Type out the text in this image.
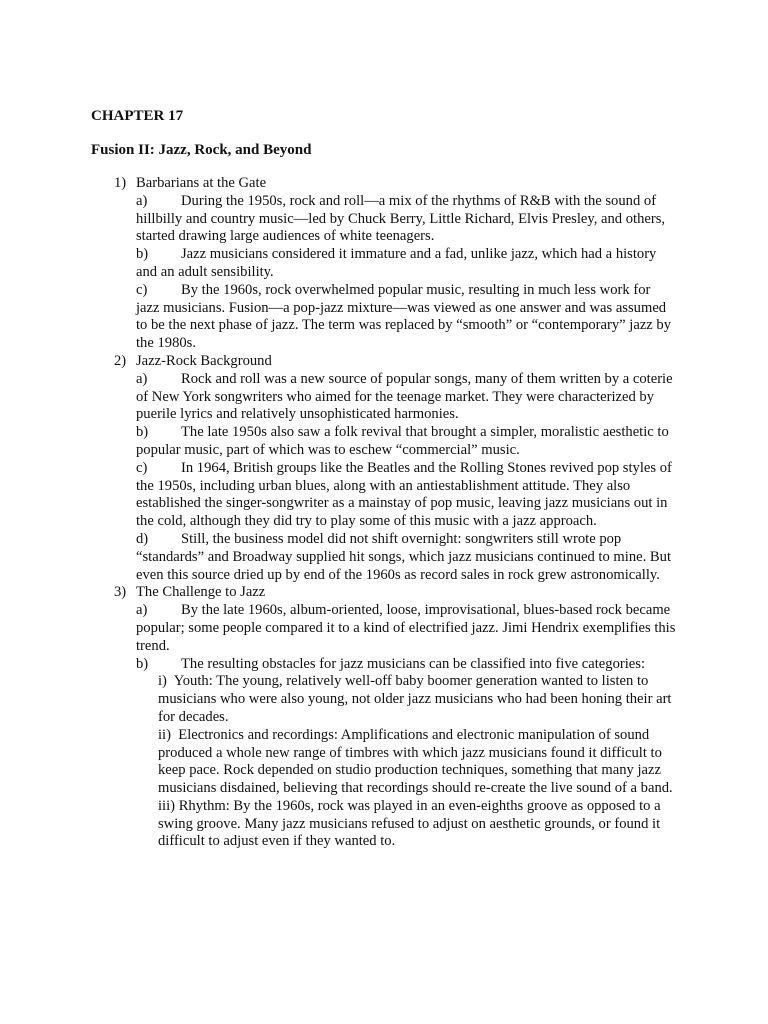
CHAPTER 17
Fusion II: Jazz, Rock, and Beyond
1) Barbarians at the Gate
a) During the 1950s, rock and roll—a mix of the rhythms of R&B with the sound of hillbilly and country music—led by Chuck Berry, Little Richard, Elvis Presley, and others, started drawing large audiences of white teenagers.
b) Jazz musicians considered it immature and a fad, unlike jazz, which had a history and an adult sensibility.
c) By the 1960s, rock overwhelmed popular music, resulting in much less work for jazz musicians. Fusion—a pop-jazz mixture—was viewed as one answer and was assumed to be the next phase of jazz. The term was replaced by “smooth” or “contemporary” jazz by the 1980s.
2) Jazz-Rock Background
a) Rock and roll was a new source of popular songs, many of them written by a coterie of New York songwriters who aimed for the teenage market. They were characterized by puerile lyrics and relatively unsophisticated harmonies.
b) The late 1950s also saw a folk revival that brought a simpler, moralistic aesthetic to popular music, part of which was to eschew “commercial” music.
c) In 1964, British groups like the Beatles and the Rolling Stones revived pop styles of the 1950s, including urban blues, along with an antiestablishment attitude. They also established the singer-songwriter as a mainstay of pop music, leaving jazz musicians out in the cold, although they did try to play some of this music with a jazz approach.
d) Still, the business model did not shift overnight: songwriters still wrote pop “standards” and Broadway supplied hit songs, which jazz musicians continued to mine. But even this source dried up by end of the 1960s as record sales in rock grew astronomically.
3) The Challenge to Jazz
a) By the late 1960s, album-oriented, loose, improvisational, blues-based rock became popular; some people compared it to a kind of electrified jazz. Jimi Hendrix exemplifies this trend.
b) The resulting obstacles for jazz musicians can be classified into five categories:
i) Youth: The young, relatively well-off baby boomer generation wanted to listen to musicians who were also young, not older jazz musicians who had been honing their art for decades.
ii) Electronics and recordings: Amplifications and electronic manipulation of sound produced a whole new range of timbres with which jazz musicians found it difficult to keep pace. Rock depended on studio production techniques, something that many jazz musicians disdained, believing that recordings should re-create the live sound of a band.
iii) Rhythm: By the 1960s, rock was played in an even-eighths groove as opposed to a swing groove. Many jazz musicians refused to adjust on aesthetic grounds, or found it difficult to adjust even if they wanted to.
